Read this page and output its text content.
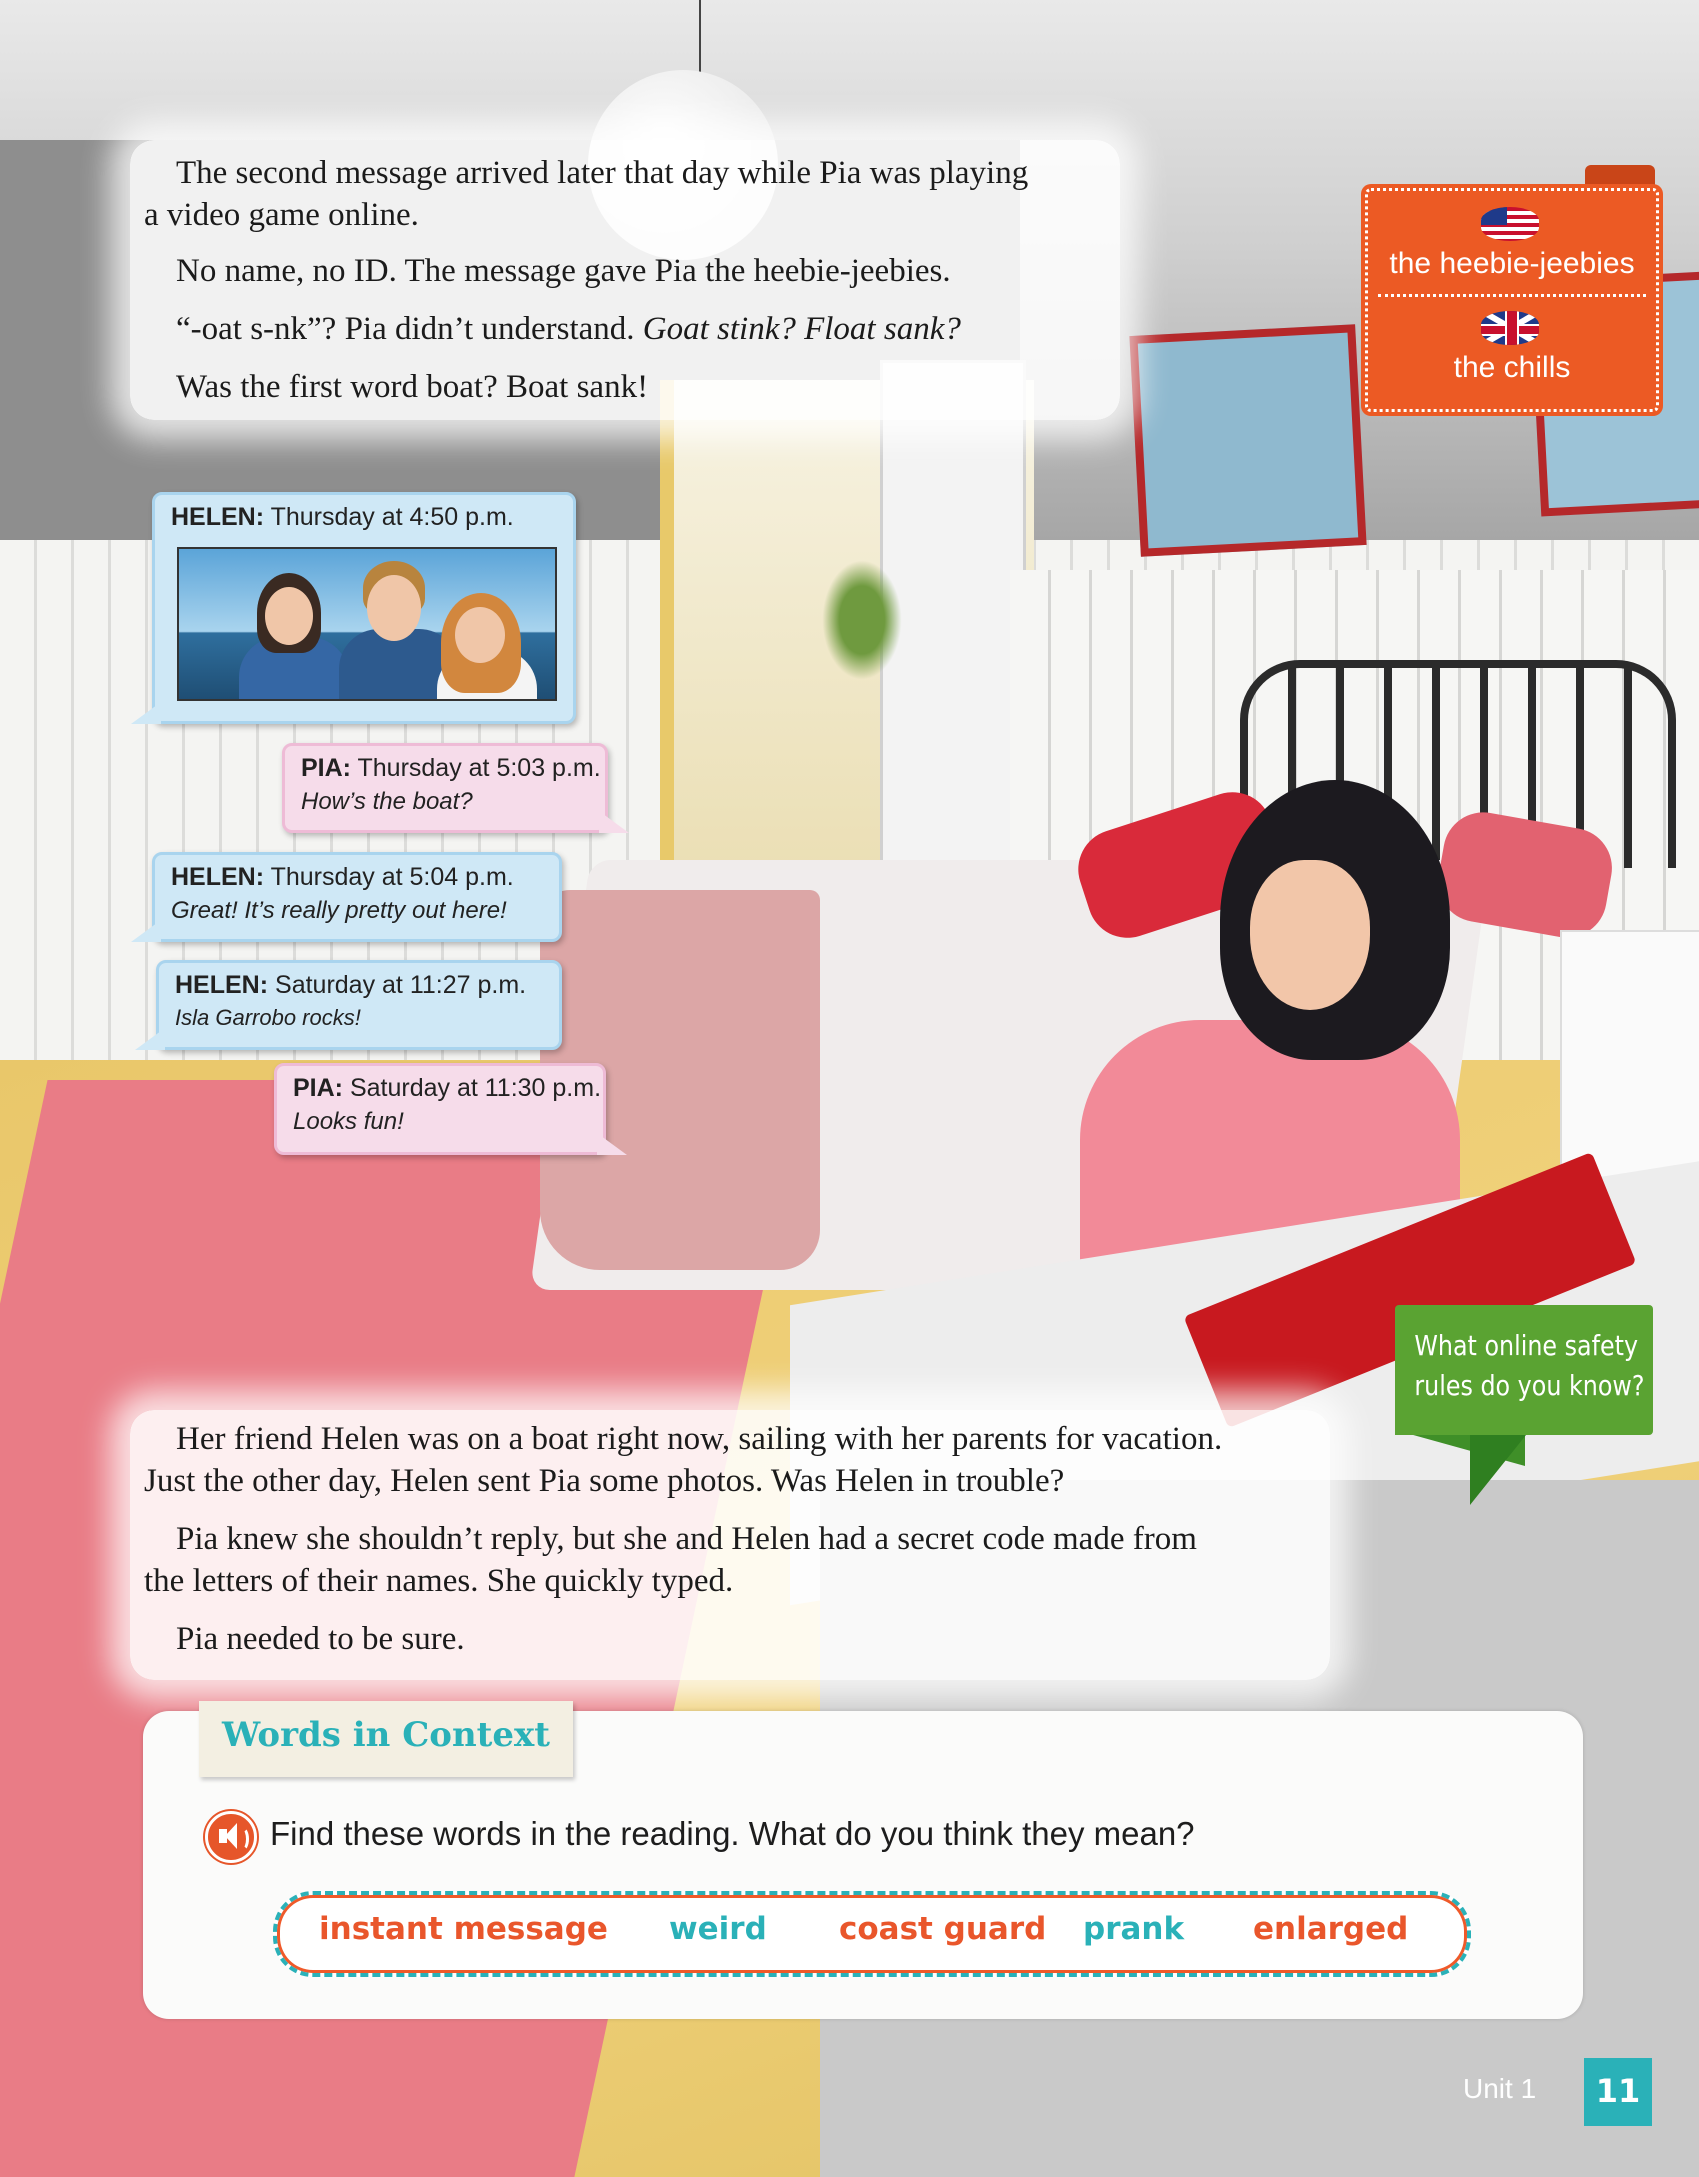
The second message arrived later that day while Pia was playing

a video game online.

No name, no ID. The message gave Pia the heebie-jeebies.

“-oat s-nk”? Pia didn’t understand. Goat stink? Float sank?

Was the first word boat? Boat sank!

HELEN: Thursday at 4:50 p.m.
PIA: Thursday at 5:03 p.m.
How’s the boat?
HELEN: Thursday at 5:04 p.m.
Great! It’s really pretty out here!
HELEN: Saturday at 11:27 p.m.
Isla Garrobo rocks!
PIA: Saturday at 11:30 p.m.
Looks fun!
the heebie-jeebies
the chills
What online safety
rules do you know?

Her friend Helen was on a boat right now, sailing with her parents for vacation.

Just the other day, Helen sent Pia some photos. Was Helen in trouble?

Pia knew she shouldn’t reply, but she and Helen had a secret code made from

the letters of their names. She quickly typed.

Pia needed to be sure.

Words in Context
Find these words in the reading. What do you think they mean?
instant message weird coast guard prank enlarged
Unit 1	11
